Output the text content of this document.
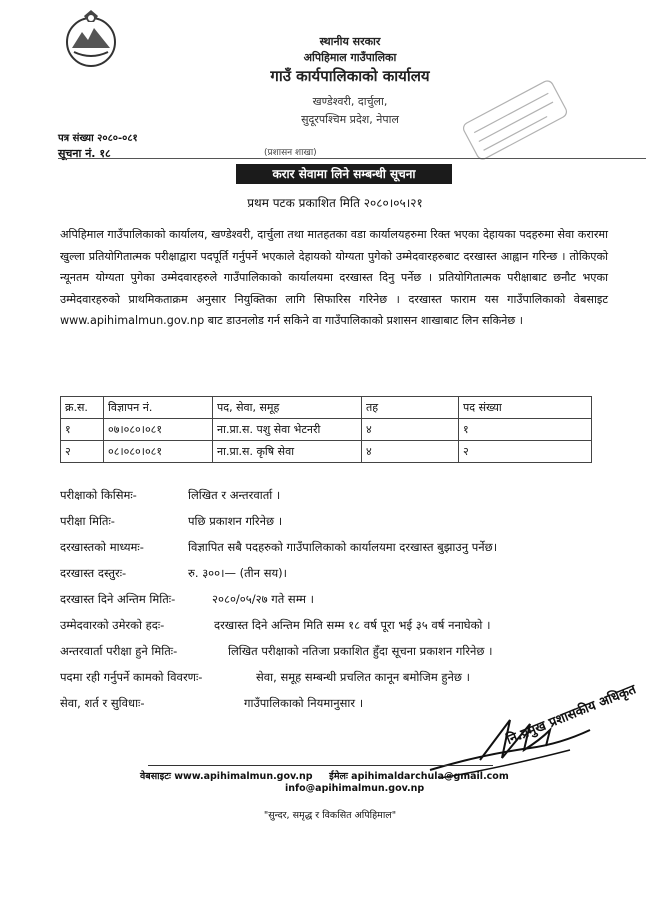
स्थानीय सरकार
अपिहिमाल गाउँपालिका
गाउँ कार्यपालिकाको कार्यालय
खण्डेश्वरी, दार्चुला,
सुदूरपश्चिम प्रदेश, नेपाल
पत्र संख्या २०८०-०८१
सूचना नं. १८	(प्रशासन शाखा)
करार सेवामा लिने सम्बन्धी सूचना
प्रथम पटक प्रकाशित मिति २०८०।०५।२१
अपिहिमाल गाउँपालिकाको कार्यालय, खण्डेश्वरी, दार्चुला तथा मातहतका वडा कार्यालयहरुमा रिक्त भएका देहायका पदहरुमा सेवा करारमा खुल्ला प्रतियोगितात्मक परीक्षाद्वारा पदपूर्ति गर्नुपर्ने भएकाले देहायको योग्यता पुगेको उम्मेदवारहरुबाट दरखास्त आह्वान गरिन्छ । तोकिएको न्यूनतम योग्यता पुगेका उम्मेदवारहरुले गाउँपालिकाको कार्यालयमा दरखास्त दिनु पर्नेछ । प्रतियोगितात्मक परीक्षाबाट छनौट भएका उम्मेदवारहरुको प्राथमिकताक्रम अनुसार नियुक्तिका लागि सिफारिस गरिनेछ । दरखास्त फाराम यस गाउँपालिकाको वेबसाइट www.apihimalmun.gov.np बाट डाउनलोड गर्न सकिने वा गाउँपालिकाको प्रशासन शाखाबाट लिन सकिनेछ ।
क्र.स.	विज्ञापन नं.	पद, सेवा, समूह	तह	पद संख्या
१	०७।०८०।०८१	ना.प्रा.स. पशु सेवा भेटनरी	४	१
२	०८।०८०।०८१	ना.प्रा.स. कृषि सेवा	४	२
परीक्षाको किसिमः-	लिखित र अन्तरवार्ता ।
परीक्षा मितिः-	पछि प्रकाशन गरिनेछ ।
दरखास्तको माध्यमः-	विज्ञापित सबै पदहरुको गाउँपालिकाको कार्यालयमा दरखास्त बुझाउनु पर्नेछ।
दरखास्त दस्तुरः-	रु. ३००।— (तीन सय)।
दरखास्त दिने अन्तिम मितिः-	२०८०/०५/२७ गते सम्म ।
उम्मेदवारको उमेरको हदः-	दरखास्त दिने अन्तिम मिति सम्म १८ वर्ष पूरा भई ३५ वर्ष ननाघेको ।
अन्तरवार्ता परीक्षा हुने मितिः-	लिखित परीक्षाको नतिजा प्रकाशित हुँदा सूचना प्रकाशन गरिनेछ ।
पदमा रही गर्नुपर्ने कामको विवरणः-	सेवा, समूह सम्बन्धी प्रचलित कानून बमोजिम हुनेछ ।
सेवा, शर्त र सुविधाः-	गाउँपालिकाको नियमानुसार ।	नि.प्रमुख प्रशासकीय अधिकृत
वेबसाइटः www.apihimalmun.gov.np ईमेलः apihimaldarchula@gmail.com
info@apihimalmun.gov.np
"सुन्दर, समृद्ध र विकसित अपिहिमाल"
